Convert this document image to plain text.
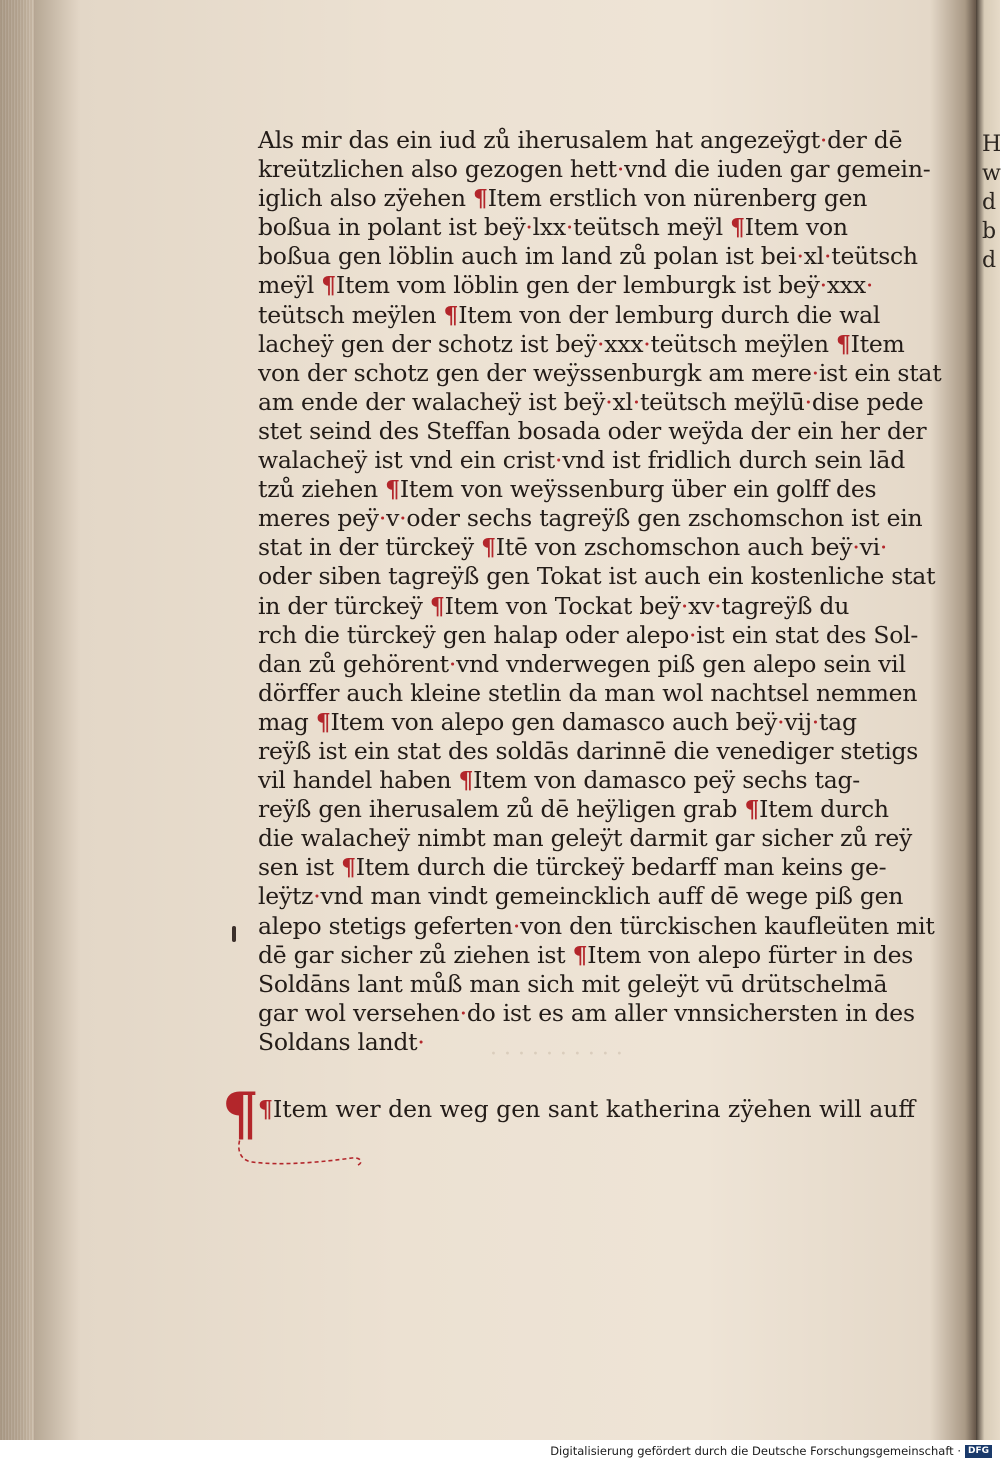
Hwdbd
Als mir das ein iud zů iherusalem hat angezeÿgt·der dē
kreützlichen also gezogen hett·vnd die iuden gar gemein-
iglich also zÿehen ¶Item erstlich von nürenberg gen
boßua in polant ist beÿ·lxx·teütsch meÿl ¶Item von
boßua gen löblin auch im land zů polan ist bei·xl·teütsch
meÿl ¶Item vom löblin gen der lemburgk ist beÿ·xxx·
teütsch meÿlen ¶Item von der lemburg durch die wal
lacheÿ gen der schotz ist beÿ·xxx·teütsch meÿlen ¶Item
von der schotz gen der weÿssenburgk am mere·ist ein stat
am ende der walacheÿ ist beÿ·xl·teütsch meÿlū·dise pede
stet seind des Steffan bosada oder weÿda der ein her der
walacheÿ ist vnd ein crist·vnd ist fridlich durch sein lād
tzů ziehen ¶Item von weÿssenburg über ein golff des
meres peÿ·v·oder sechs tagreÿß gen zschomschon ist ein
stat in der türckeÿ ¶Itē von zschomschon auch beÿ·vi·
oder siben tagreÿß gen Tokat ist auch ein kostenliche stat
in der türckeÿ ¶Item von Tockat beÿ·xv·tagreÿß du
rch die türckeÿ gen halap oder alepo·ist ein stat des Sol-
dan zů gehörent·vnd vnderwegen piß gen alepo sein vil
dörffer auch kleine stetlin da man wol nachtsel nemmen
mag ¶Item von alepo gen damasco auch beÿ·vij·tag
reÿß ist ein stat des soldās darinnē die venediger stetigs
vil handel haben ¶Item von damasco peÿ sechs tag-
reÿß gen iherusalem zů dē heÿligen grab ¶Item durch
die walacheÿ nimbt man geleÿt darmit gar sicher zů reÿ
sen ist ¶Item durch die türckeÿ bedarff man keins ge-
leÿtz·vnd man vindt gemeincklich auff dē wege piß gen
alepo stetigs geferten·von den türckischen kaufleüten mit
dē gar sicher zů ziehen ist ¶Item von alepo fürter in des
Soldāns lant můß man sich mit geleÿt vū drütschelmā
gar wol versehen·do ist es am aller vnnsichersten in des
Soldans landt·	· · · · · · · · · ·
¶ ¶Item wer den weg gen sant katherina zÿehen will auff
Digitalisierung gefördert durch die Deutsche Forschungsgemeinschaft · DFG
